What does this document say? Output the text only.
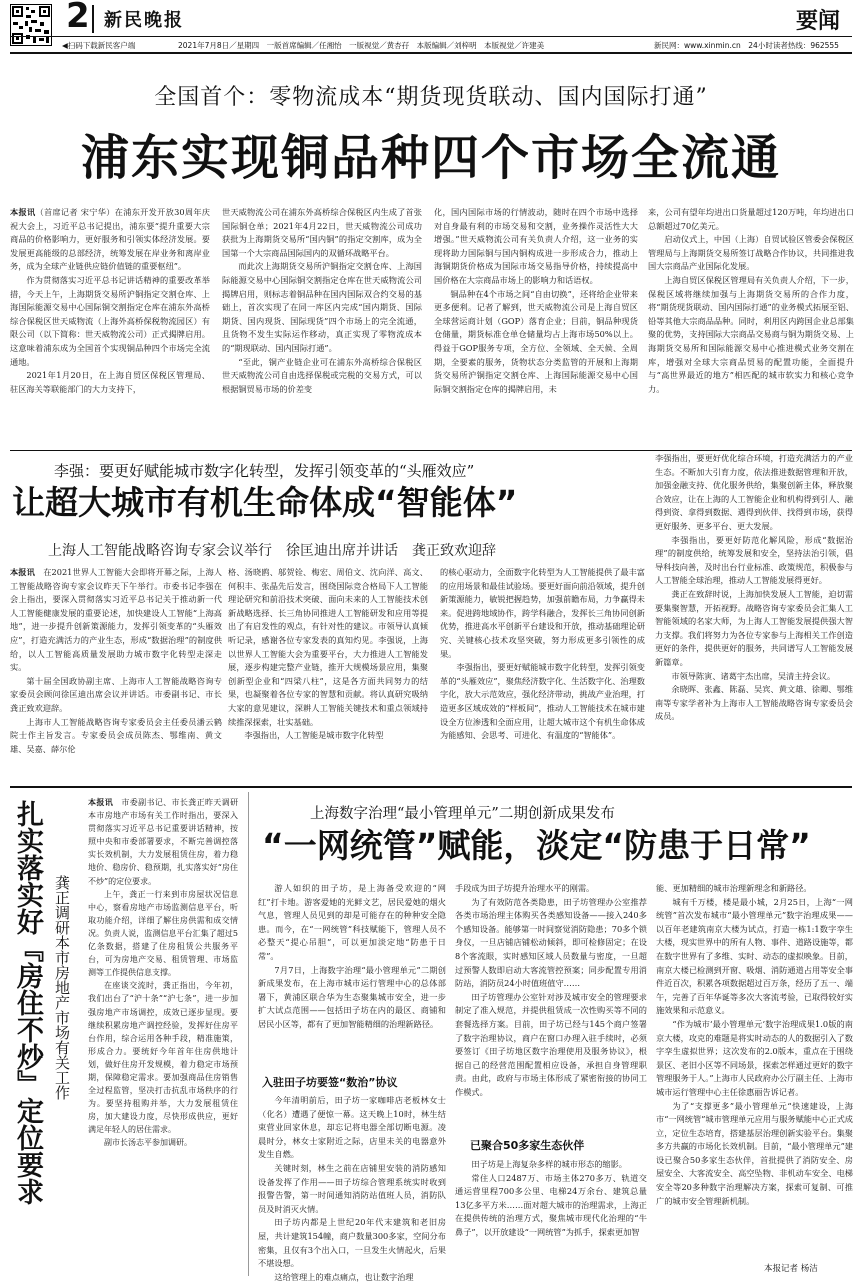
2 新民晚报	要闻
◀扫码下载新民客户端	2021年7月8日／星期四　一版首席编辑／任湘怡　一版视觉／黄杏孖　本版编辑／刘梓明　本版视觉／许建美	新民网：www.xinmin.cn　24小时读者热线：962555
全国首个：零物流成本“期货现货联动、国内国际打通”
浦东实现铜品种四个市场全流通
本报讯（首席记者 宋宁华）在浦东开发开放30周年庆祝大会上，习近平总书记提出，浦东要“提升重要大宗商品的价格影响力，更好服务和引领实体经济发展。要发展更高能级的总部经济，统筹发展在岸业务和离岸业务，成为全球产业链供应链价值链的重要枢纽”。

作为贯彻落实习近平总书记讲话精神的重要改革举措，今天上午，上海期货交易所沪铜指定交割仓库、上海国际能源交易中心国际铜交割指定仓库在浦东外高桥综合保税区世天威物流（上海外高桥保税物流园区）有限公司（以下简称：世天威物流公司）正式揭牌启用。这意味着浦东成为全国首个实现铜品种四个市场完全流通地。

2021年1月20日，在上海自贸区保税区管理局、驻区海关等联能部门的大力支持下，

世天威物流公司在浦东外高桥综合保税区内生成了首张国际铜仓单；2021年4月22日，世天威物流公司成功获批为上海期货交易所“国内铜”的指定交割库，成为全国第一个大宗商品国际国内的双循环战略平台。

而此次上海期货交易所沪铜指定交割仓库、上海国际能源交易中心国际铜交割指定仓库在世天威物流公司揭牌启用，则标志着铜品种在国内国际双合约交易的基础上，首次实现了在同一库区内完成“国内期货、国际期货、国内现货、国际现货”四个市场上的完全流通，且货物不发生实际运作移动，真正实现了零物流成本的“期现联动、国内国际打通”。

“至此，铜产业链企业可在浦东外高桥综合保税区世天威物流公司自由选择保税或完税的交易方式，可以根据铜贸易市场的价差变

化，国内国际市场的行情波动，随时在四个市场中选择对自身最有利的市场交易和交割，业务操作灵活性大大增强。”世天威物流公司有关负责人介绍，这一业务的实现将助力国际铜与国内铜构成进一步形成合力，推动上海铜期货价格成为国际市场交易指导价格，持续提高中国价格在大宗商品市场上的影响力和话语权。

铜品种在4个市场之间“自由切换”，还将给企业带来更多便利。记者了解到，世天威物流公司是上海自贸区全球营运商计划（GOP）落育企业；目前，铜品种现货仓储量，期货标准仓单仓储量均占上海市场50%以上。得益于GOP服务专项，全方位、全领域、全天候、全周期，全要素的服务，货物状态分类监管的开展和上海期货交易所沪铜指定交割仓库、上海国际能源交易中心国际铜交割指定仓库的揭牌启用，未

来，公司有望年均进出口货量超过120万吨，年均进出口总额超过70亿美元。

启动仪式上，中国（上海）自贸试验区管委会保税区管理局与上海期货交易所签订战略合作协议，共同推进我国大宗商品产业国际化发展。

上海自贸区保税区管理局有关负责人介绍，下一步，保税区域将继续加强与上海期货交易所的合作力度，将“期货现货联动、国内国际打通”的业务模式拓展至铝、铅等其他大宗商品品种。同时，利用区内跨国企业总部集聚的优势，支持国际大宗商品交易商与铜为期货交易、上海期货交易所和国际能源交易中心推进模式业务交割在库，增强对全球大宗商品贸易的配置功能，全面提升与“高世界最近的地方”相匹配的城市软实力和核心竞争力。

李强：要更好赋能城市数字化转型，发挥引领变革的“头雁效应”
让超大城市有机生命体成“智能体”
上海人工智能战略咨询专家会议举行　徐匡迪出席并讲话　龚正致欢迎辞
本报讯　在2021世界人工智能大会即将开幕之际，上海人工智能战略咨询专家会议昨天下午举行。市委书记李强在会上指出，要深入贯彻落实习近平总书记关于推动新一代人工智能健康发展的重要论述，加快建设人工智能“上海高地”，进一步提升创新策源能力，发挥引领变革的“头雁效应”，打造充满活力的产业生态，形成“数据治理”的制度供给，以人工智能高质量发展助力城市数字化转型走深走实。

第十届全国政协副主席、上海市人工智能战略咨询专家委员会顾问徐匡迪出席会议并讲话。市委副书记、市长龚正致欢迎辞。

上海市人工智能战略咨询专家委员会主任委员潘云鹤院士作主旨发言。专家委员会成员陈杰、鄂维南、黄文雄、吴嘉、薛尔伦

格、汤晓鸥、邬贺铨、梅宏、周伯文、沈向洋、高文、何积丰、张晶先后发言，围绕国际竞合格局下人工智能理论研究和前沿技术突破、面向未来的人工智能技术创新战略选择、长三角协同推进人工智能研发和应用等提出了有启发性的观点，有针对性的建议。市领导认真倾听记录，感谢各位专家发表的真知灼见。李强说，上海以世界人工智能大会为重要平台，大力推进人工智能发展，逐步构建完整产业链，推开大规模场景应用，集聚创新型企业和“四梁八柱”，这是各方面共同努力的结果，也凝聚着各位专家的智慧和贡献。将认真研究吸纳大家的意见建议，深耕人工智能关键技术和重点领域持续推深探索，壮实基础。

李强指出，人工智能是城市数字化转型

的核心驱动力，全面数字化转型为人工智能提供了最丰富的应用场景和最佳试验场。要更好面向前沿领域，提升创新策源能力，敏锐把握趋势，加强前瞻布局，力争赢得未来。促进跨地域协作，跨学科融合，发挥长三角协同创新优势，推进高水平创新平台建设和开放，推动基础理论研究、关键核心技术攻坚突破，努力形成更多引领性的成果。

李强指出，要更好赋能城市数字化转型，发挥引领变革的“头雁效应”，聚焦经济数字化、生活数字化、治理数字化，放大示范效应，强化经济带动，挑战产业治理，打造更多区域成效的“样板间”，推动人工智能技术在城市建设全方位渗透和全面应用，让超大城市这个有机生命体成为能感知、会思考、可进化、有温度的“智能体”。

李强指出，要更好优化综合环境，打造充满活力的产业生态。不断加大引育力度，依法推进数据管理和开放，加强金融支持、优化服务供给，集聚创新主体，释放聚合效应，让在上海的人工智能企业和机构得到引人、融得到资、拿得到数据、遇得到伙伴、找得到市场，获得更好服务、更多平台、更大发展。

李强指出，要更好防范化解风险，形成“数据治理”的制度供给，统筹发展和安全，坚持法治引领，倡导科技向善，及时出台行业标准、政策规范，积极参与人工智能全球治理，推动人工智能发展得更好。

龚正在致辞时说，上海加快发展人工智能，迫切需要集聚智慧，开拓视野。战略咨询专家委员会汇集人工智能领域的名家大师，为上海人工智能发展提供强大智力支撑。我们将努力为各位专家参与上海相关工作创造更好的条件，提供更好的服务，共同谱写人工智能发展新篇章。

市领导陈寅、诸葛宇杰出席，吴清主持会议。

余晓晖、张鑫、陈磊、吴宾、黄文雄、徐卿、鄂维南等专家学者补为上海市人工智能战略咨询专家委员会成员。

扎实落实好『房住不炒』定位要求 龚正调研本市房地产市场有关工作
本报讯　市委副书记、市长龚正昨天调研本市房地产市场有关工作时指出，要深入贯彻落实习近平总书记重要讲话精神，按照中央和市委部署要求，不断完善调控落实长效机制，大力发展租赁住房，着力稳地价、稳房价、稳预期，扎实落实好“房住不炒”的定位要求。

上午，龚正一行来到市房屋状况信息中心，察看房地产市场监测信息平台，听取功能介绍，详细了解住房供需和成交情况。负责人说，监测信息平台汇集了超过5亿条数据，搭建了住房租赁公共服务平台，可为房地产交易、租赁管理、市场监测等工作提供信息支撑。

在座谈交流时，龚正指出，今年初，我们出台了“沪十条”“沪七条”，进一步加强房地产市场调控，成效已逐步显现。要继续积累房地产调控经验，发挥好住房平台作用，综合运用各种手段，精准施策，形成合力。要统好今年首年住房供地计划，做好住房开发规模，着力稳定市场预期，保障稳定需求。要加强商品住房销售全过程监管，坚决打击抗乱市场秩序的行为。要坚持租购并举，大力发展租赁住房，加大建设力度，尽快形成供应，更好满足年轻人的居住需求。

副市长汤志平参加调研。

上海数字治理“最小管理单元”二期创新成果发布
“一网统管”赋能，淡定“防患于日常”

游人如织的田子坊，是上海备受欢迎的“网红”打卡地。游客爱她的光鲜文艺，居民爱她的烟火气息，管理人员见到的却是可能存在的种种安全隐患。而今，在“一网统管”科技赋能下，管理人员不必整天“提心吊胆”，可以更加淡定地“防患于日常”。

7月7日，上海数字治理“最小管理单元”二期创新成果发布，在上海市城市运行管理中心的总体部署下，黄浦区联合华为生态聚集城市安全，进一步扩大试点范围——包括田子坊在内的最区、商铺和居民小区等，都有了更加智能精细的治理新路径。

入驻田子坊要签“数治”协议

今年清明前后，田子坊一家咖啡店老板林女士（化名）遭遇了便惊一幕。这天晚上10时，林生结束营业回家休息，却忘记将电器全部切断电源。凌晨时分，林女士家附近之际，店里未关的电器意外发生自燃。

关键时刻，林生之前在店铺里安装的消防感知设备发挥了作用——田子坊综合管理系统实时收到报警告警，第一时间通知消防站值班人员，消防队员及时消灭火情。

田子坊内都是上世纪20年代末建筑和老旧房屋，共计建筑154幢，商户数量300多家，空间分布密集，且仅有3个出入口，一旦发生火情起火，后果不堪设想。

这给管理上的难点痛点，也让数字治理

手段成为田子坊提升治理水平的刚需。

为了有效防范各类隐患，田子坊管理办公室推荐各类市场治理主体购买各类感知设备——接入240多个感知设备。能够第一时间察觉消防隐患；70多个锁身仪，一旦店铺店铺松动倾斜，即可检修固定；在设8个客流眼，实时感知区域人员数量与密度，一旦超过预警人数即启动大客流管控预案；同步配置专用消防站，消防员24小时值班值守……

田子坊管理办公室针对涉及城市安全的管理要求制定了准入规范，并提供租赁成一次性购买等不同的套餐选择方案。目前，田子坊已经与145个商户签署了数字治理协议，商户在窗口办理入驻手续时，必须要签订《田子坊地区数字治理使用及服务协议》，根据自己的经营范围配置相应设备，承担自身管理职责。由此，政府与市场主体形成了紧密衔接的协同工作模式。

已聚合50多家生态伙伴

田子坊是上海复杂多样的城市形态的缩影。

常住人口2487万、市场主体270多万、轨道交通运营里程700多公里、电梯24万余台、建筑总量13亿多平方米……面对超大城市的治理需求，上海正在提供传统的治理方式，聚焦城市现代化治理的“牛鼻子”，以开放建设“一网统管”为抓手，探索更加智

能、更加精细的城市治理新理念和新路径。

城有千万楼，楼是最小城，2月25日，上海“一网统管”首次发布城市“最小管理单元”数字治理成果——以百年老建筑南京大楼为试点，打造一栋1:1数字孪生大楼，现实世界中的所有人物、事件、道路设施等，都在数字世界有了多维、实时、动态的虚拟映象。目前，南京大楼已检测到开窗、吸烟、消防通道占用等安全事件近百次，积累各项数据超过百万条，经历了五一、端午，完善了百年华诞等多次大客流考验，已取得较好实施效果和示范意义。

“作为城市‘最小管理单元’数字治理成果1.0版的南京大楼，攻克的难题是将实时动态的人的数据引入了数字孪生虚拟世界；这次发布的2.0版本，重点在于围绕景区、老旧小区等不同场景，探索怎样通过更好的数字管理服务于人。”上海市人民政府办公厅副主任、上海市城市运行管理中心主任徐惠丽告诉记者。

为了“支撑更多”最小管理单元“快速建设，上海市“一网统管”城市管理单元应用与服务赋能中心正式成立，定位生态培育，搭建基层治理创新实验平台。集聚多方共赢的市场化长效机制。目前，“最小管理单元”建设已聚合50多家生态伙伴，首批提供了消防安全、房屋安全、大客流安全、高空坠物、非机动车安全、电梯安全等20多种数字治理解决方案，探索可复制、可推广的城市安全管理新机制。

本报记者 杨洁
